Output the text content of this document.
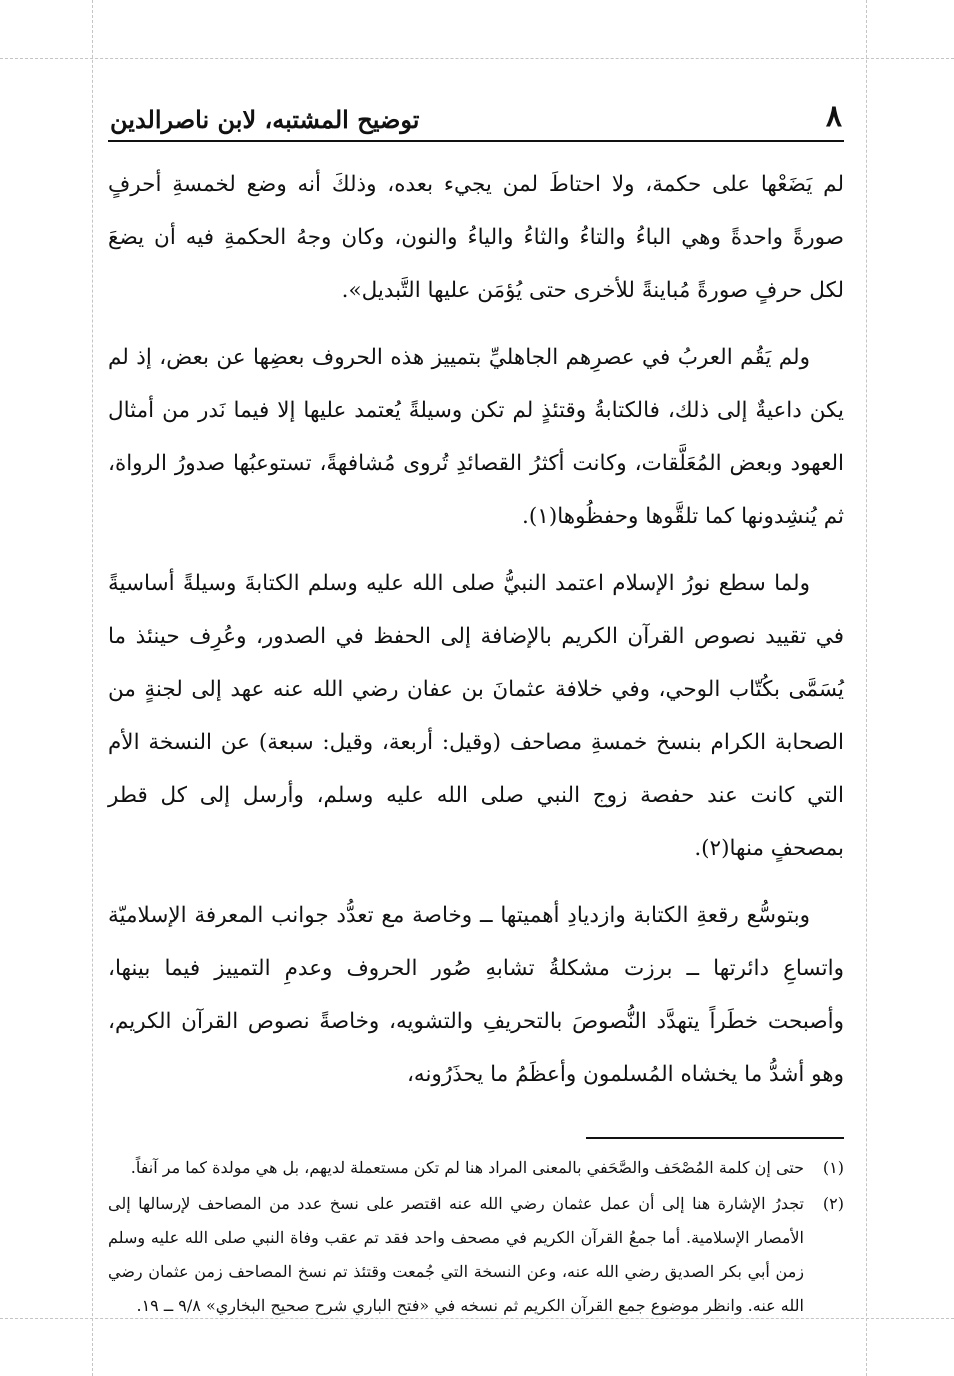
٨
توضيح المشتبه، لابن ناصرالدين

لم يَضَعْها على حكمة، ولا احتاطَ لمن يجيء بعده، وذلكَ أنه وضع لخمسةِ أحرفٍ صورةً واحدةً وهي الباءُ والتاءُ والثاءُ والياءُ والنون، وكان وجهُ الحكمةِ فيه أن يضعَ لكل حرفٍ صورةً مُباينةً للأخرى حتى يُؤمَن عليها التَّبديل».

ولم يَقُم العربُ في عصرِهم الجاهليِّ بتمييز هذه الحروف بعضِها عن بعض، إذ لم يكن داعيةٌ إلى ذلك، فالكتابةُ وقتئذٍ لم تكن وسيلةً يُعتمد عليها إلا فيما نَدر من أمثال العهود وبعض المُعَلَّقات، وكانت أكثرُ القصائدِ تُروى مُشافهةً، تستوعبُها صدورُ الرواة، ثم يُنشِدونها كما تلقَّوها وحفظُوها(١).

ولما سطع نورُ الإسلام اعتمد النبيُّ صلى الله عليه وسلم الكتابةَ وسيلةً أساسيةً في تقييد نصوص القرآن الكريم بالإضافة إلى الحفظ في الصدور، وعُرِف حينئذ ما يُسَمَّى بكُتّاب الوحي، وفي خلافة عثمانَ بن عفان رضي الله عنه عهد إلى لجنةٍ من الصحابة الكرام بنسخ خمسةِ مصاحف (وقيل: أربعة، وقيل: سبعة) عن النسخة الأم التي كانت عند حفصة زوج النبي صلى الله عليه وسلم، وأرسل إلى كل قطر بمصحفٍ منها(٢).

وبتوسُّع رقعةِ الكتابة وازديادِ أهميتها ــ وخاصة مع تعدُّد جوانب المعرفة الإسلاميّة واتساعِ دائرتها ــ برزت مشكلةُ تشابهِ صُور الحروف وعدمِ التمييز فيما بينها، وأصبحت خطَراً يتهدَّد النُّصوصَ بالتحريفِ والتشويه، وخاصةً نصوص القرآن الكريم، وهو أشدُّ ما يخشاه المُسلمون وأعظَمُ ما يحذَرُونه،

(١)
حتى إن كلمة المُصْحَف والصَّحَفي بالمعنى المراد هنا لم تكن مستعملة لديهم، بل هي مولدة كما مر آنفاً.
(٢)
تجدرُ الإشارة هنا إلى أن عمل عثمان رضي الله عنه اقتصر على نسخ عدد من المصاحف لإرسالها إلى الأمصار الإسلامية. أما جمعُ القرآن الكريم في مصحف واحد فقد تم عقب وفاة النبي صلى الله عليه وسلم زمن أبي بكر الصديق رضي الله عنه، وعن النسخة التي جُمعت وقتئذ تم نسخ المصاحف زمن عثمان رضي الله عنه. وانظر موضوع جمع القرآن الكريم ثم نسخه في «فتح الباري شرح صحيح البخاري» ٩/٨ ــ ١٩.
